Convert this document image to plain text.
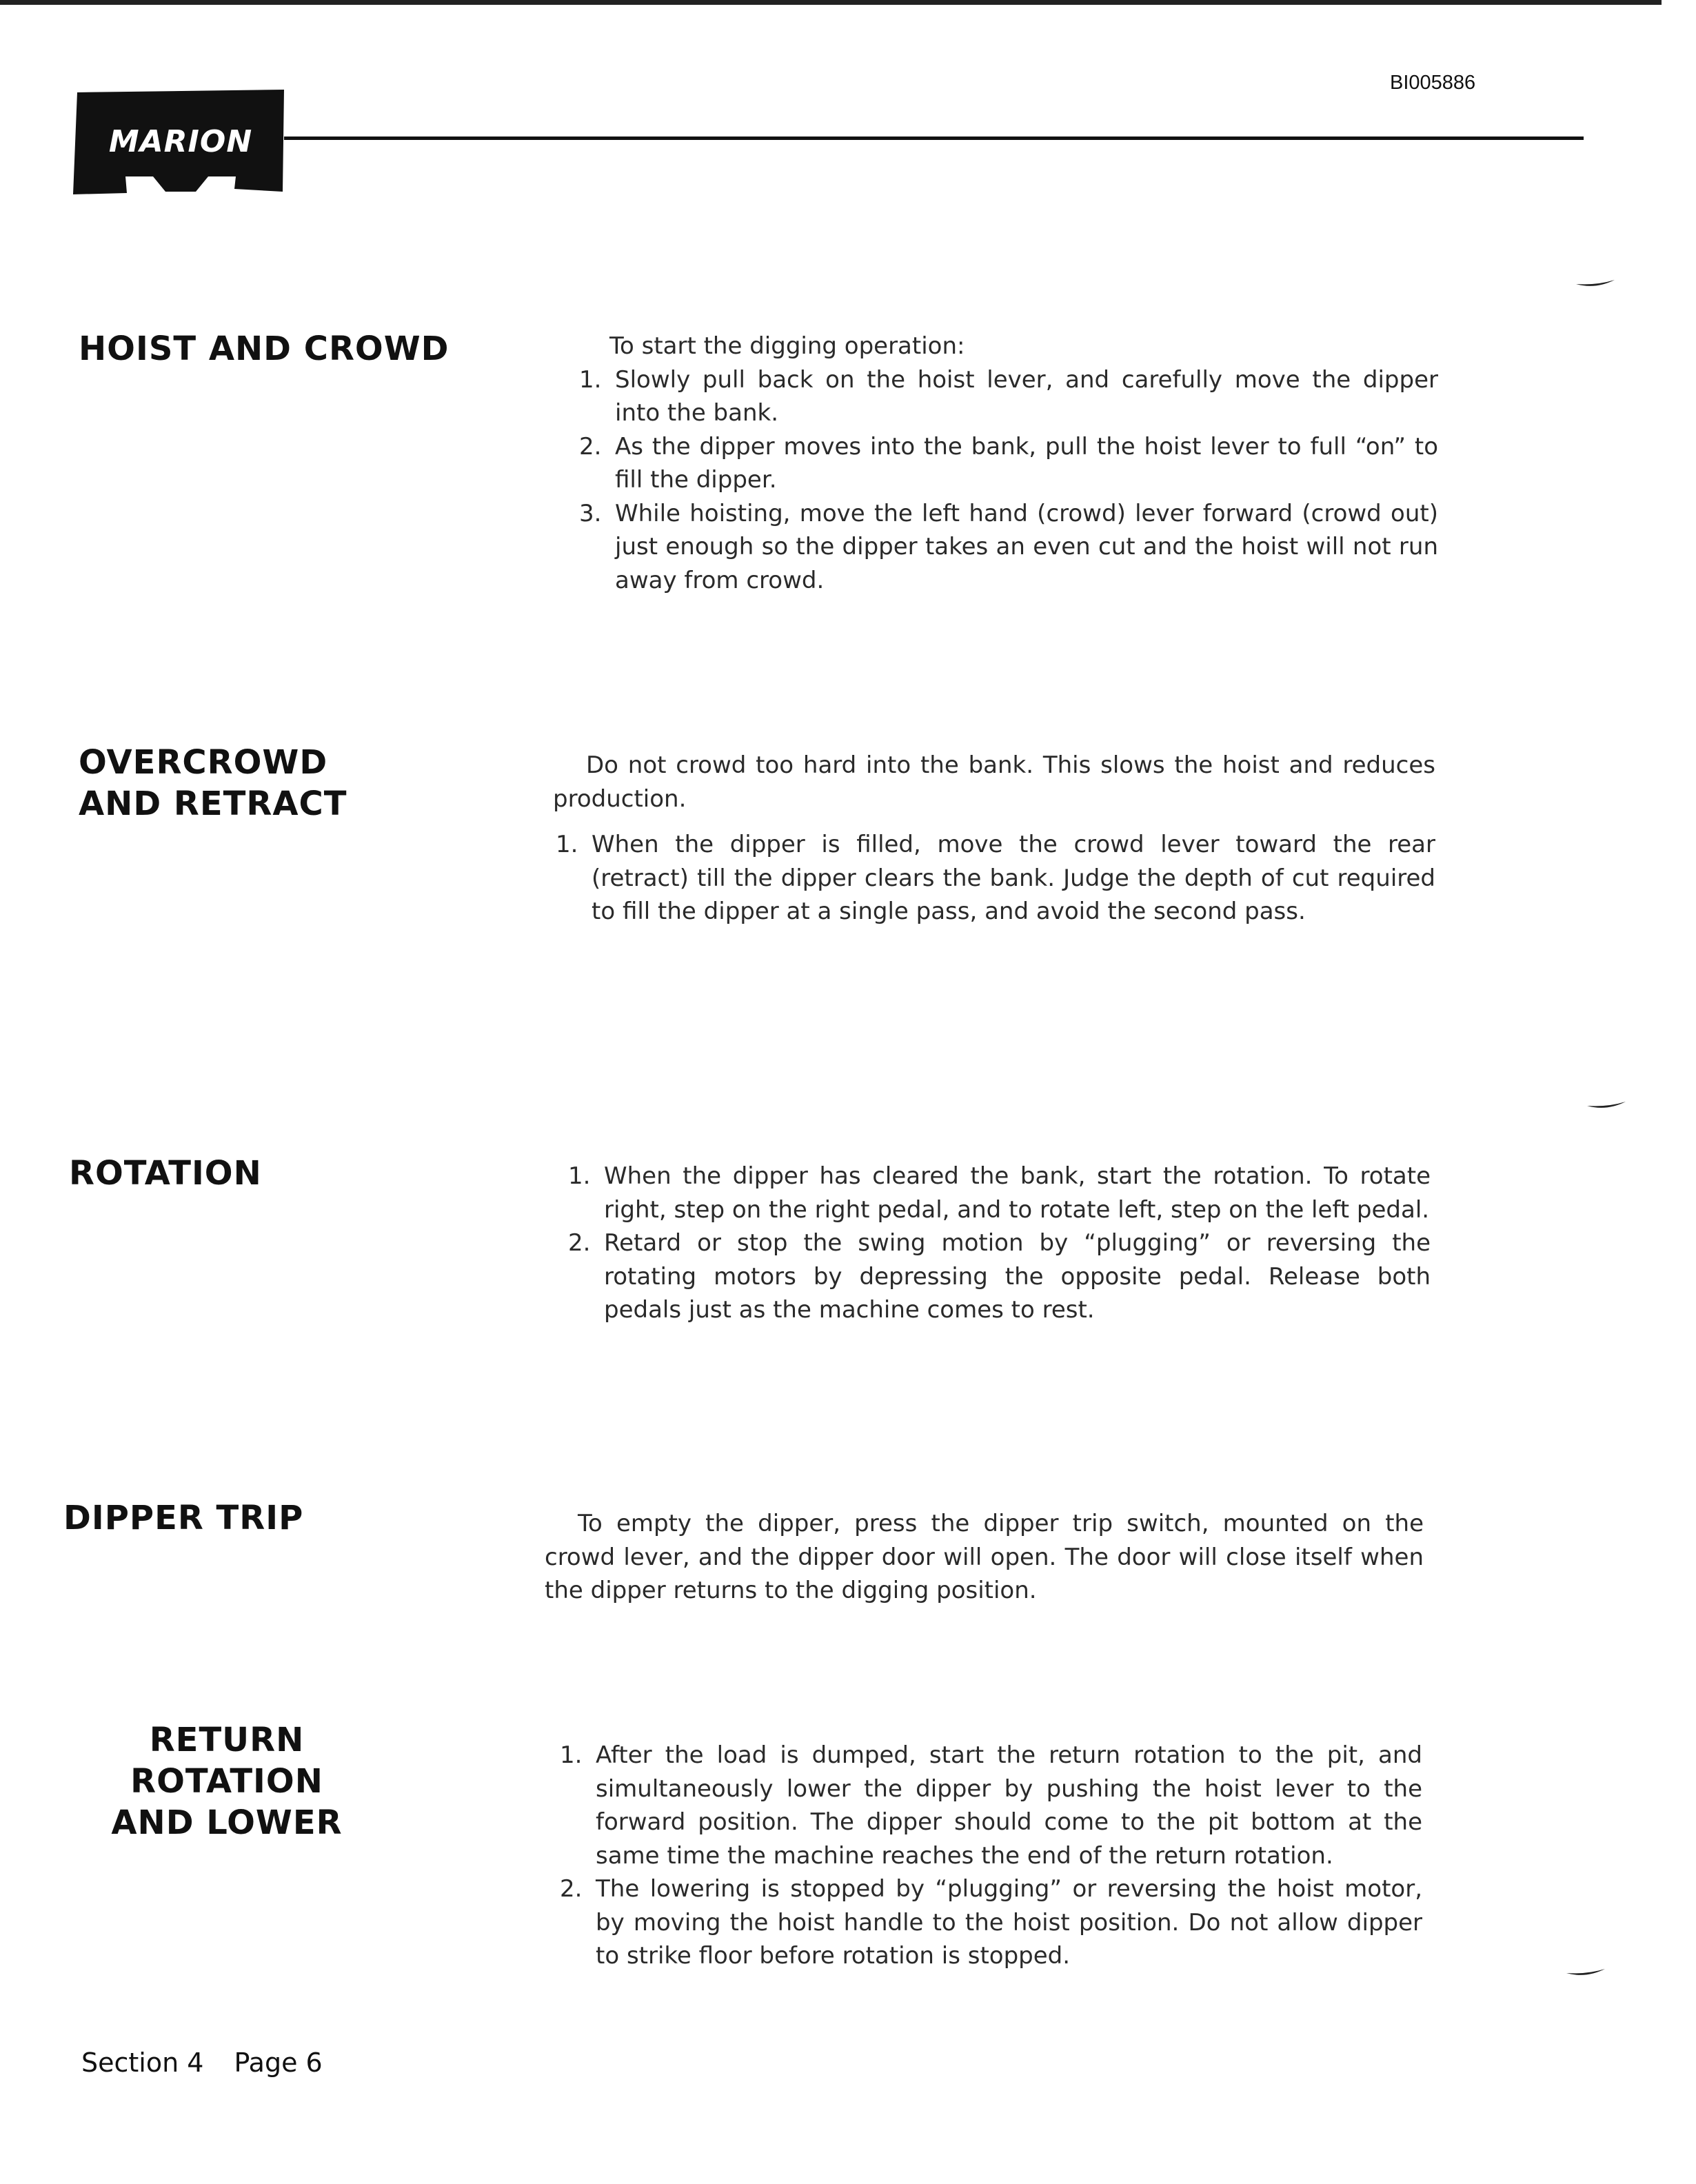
BI005886
MARION
HOIST AND CROWD	To start the digging operation:

1. Slowly pull back on the hoist lever, and carefully move the dipper into the bank.
2. As the dipper moves into the bank, pull the hoist lever to full “on” to fill the dipper.
3. While hoisting, move the left hand (crowd) lever forward (crowd out) just enough so the dipper takes an even cut and the hoist will not run away from crowd.
OVERCROWD
AND RETRACT

Do not crowd too hard into the bank. This slows the hoist and reduces production.

1. When the dipper is filled, move the crowd lever toward the rear (retract) till the dipper clears the bank. Judge the depth of cut required to fill the dipper at a single pass, and avoid the second pass.
ROTATION	1. When the dipper has cleared the bank, start the rotation. To rotate right, step on the right pedal, and to rotate left, step on the left pedal.
2. Retard or stop the swing motion by “plugging” or reversing the rotating motors by depressing the opposite pedal. Release both pedals just as the machine comes to rest.
DIPPER TRIP	To empty the dipper, press the dipper trip switch, mounted on the crowd lever, and the dipper door will open. The door will close itself when the dipper returns to the digging position.

RETURN ROTATION
AND LOWER
1. After the load is dumped, start the return rotation to the pit, and simultaneously lower the dipper by pushing the hoist lever to the forward position. The dipper should come to the pit bottom at the same time the machine reaches the end of the return rotation.
2. The lowering is stopped by “plugging” or reversing the hoist motor, by moving the hoist handle to the hoist position. Do not allow dipper to strike floor before rotation is stopped.
Section 4 Page 6
